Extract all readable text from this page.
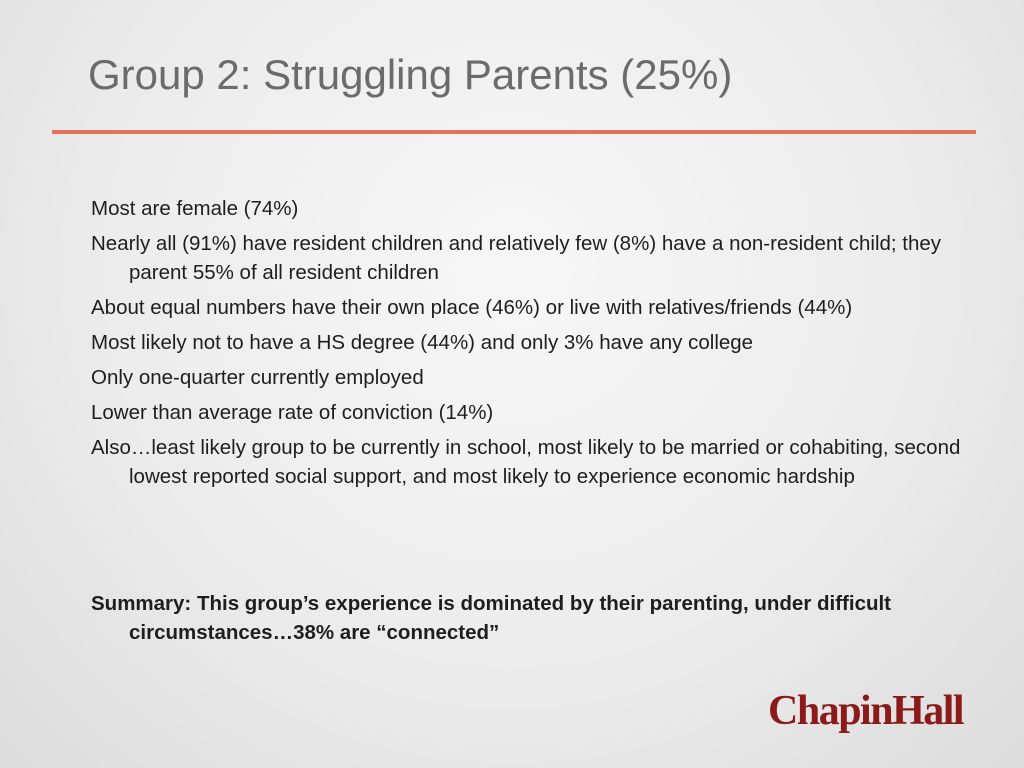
Group 2: Struggling Parents (25%)
Most are female (74%)
Nearly all (91%) have resident children and relatively few (8%) have a non-resident child; they parent 55% of all resident children
About equal numbers have their own place (46%) or live with relatives/friends (44%)
Most likely not to have a HS degree (44%) and only 3% have any college
Only one-quarter currently employed
Lower than average rate of conviction (14%)
Also…least likely group to be currently in school, most likely to be married or cohabiting, second lowest reported social support, and most likely to experience economic hardship

Summary: This group’s experience is dominated by their parenting, under difficult circumstances…38% are “connected”

ChapinHall
